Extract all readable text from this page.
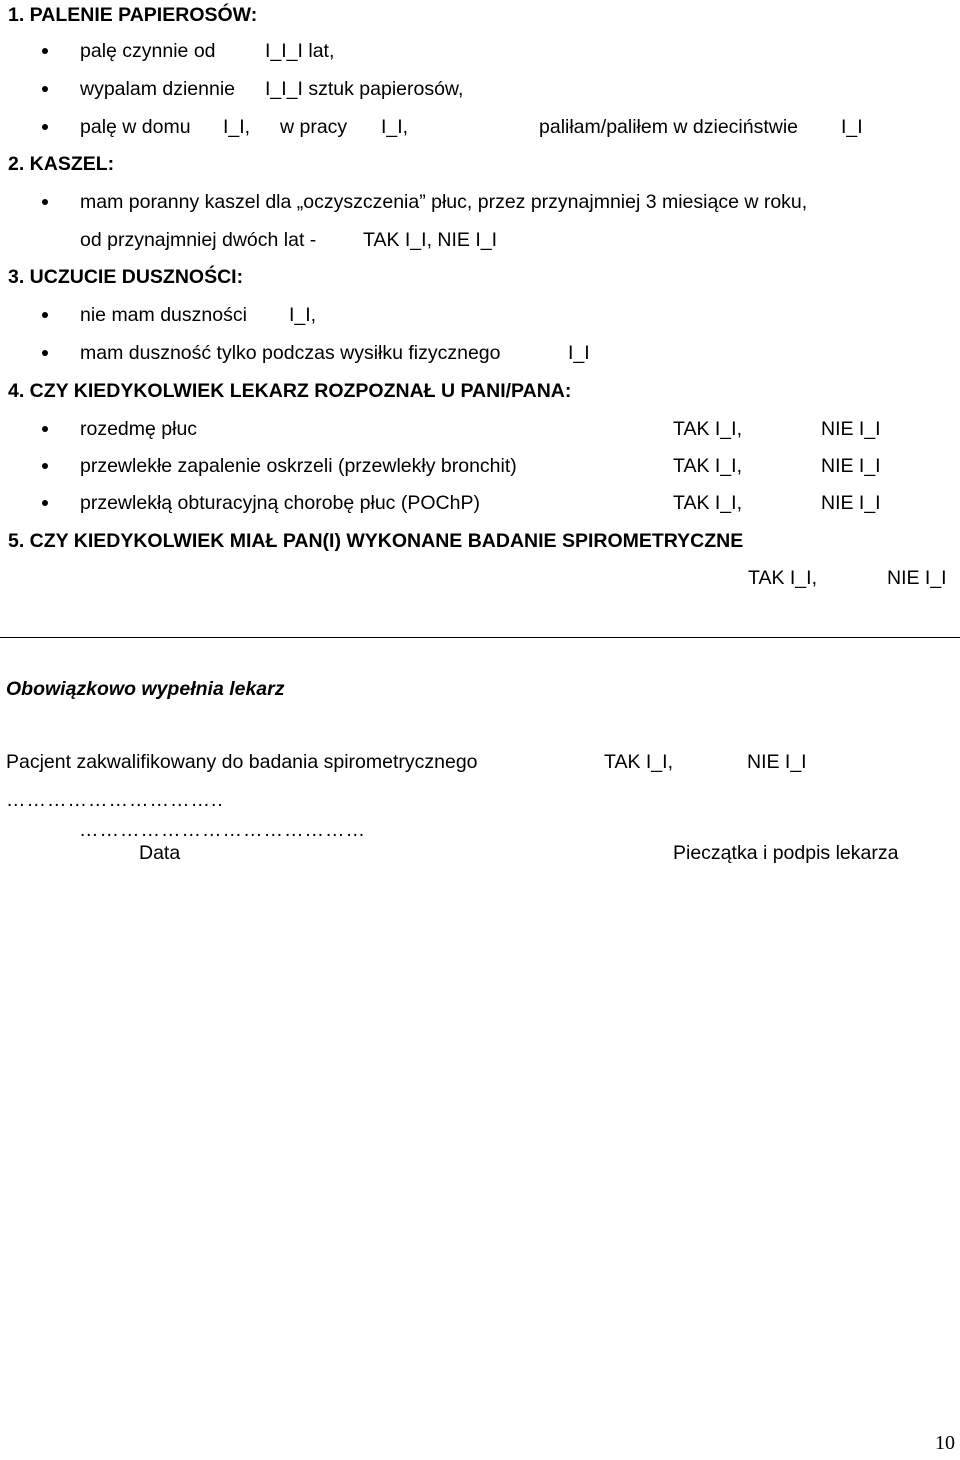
1. PALENIE PAPIEROSÓW:
palę czynnie od	I_I_I lat,
wypalam dziennie I_I_I sztuk papierosów,
palę w domu I_I, w pracy I_I,	paliłam/paliłem w dzieciństwie I_I
2. KASZEL:
mam poranny kaszel dla „oczyszczenia” płuc, przez przynajmniej 3 miesiące w roku,
od przynajmniej dwóch lat - TAK I_I, NIE I_I
3. UCZUCIE DUSZNOŚCI:
nie mam duszności I_I,
mam duszność tylko podczas wysiłku fizycznego	I_I
4. CZY KIEDYKOLWIEK LEKARZ ROZPOZNAŁ U PANI/PANA:
rozedmę płuc	TAK I_I,	NIE I_I
przewlekłe zapalenie oskrzeli (przewlekły bronchit)	TAK I_I,	NIE I_I
przewlekłą obturacyjną chorobę płuc (POChP)	TAK I_I,	NIE I_I
5. CZY KIEDYKOLWIEK MIAŁ PAN(I) WYKONANE BADANIE SPIROMETRYCZNE
TAK I_I,	NIE I_I
Obowiązkowo wypełnia lekarz
Pacjent zakwalifikowany do badania spirometrycznego	TAK I_I,	NIE I_I
…………………………..
……………………………………
Data	Pieczątka i podpis lekarza
10
